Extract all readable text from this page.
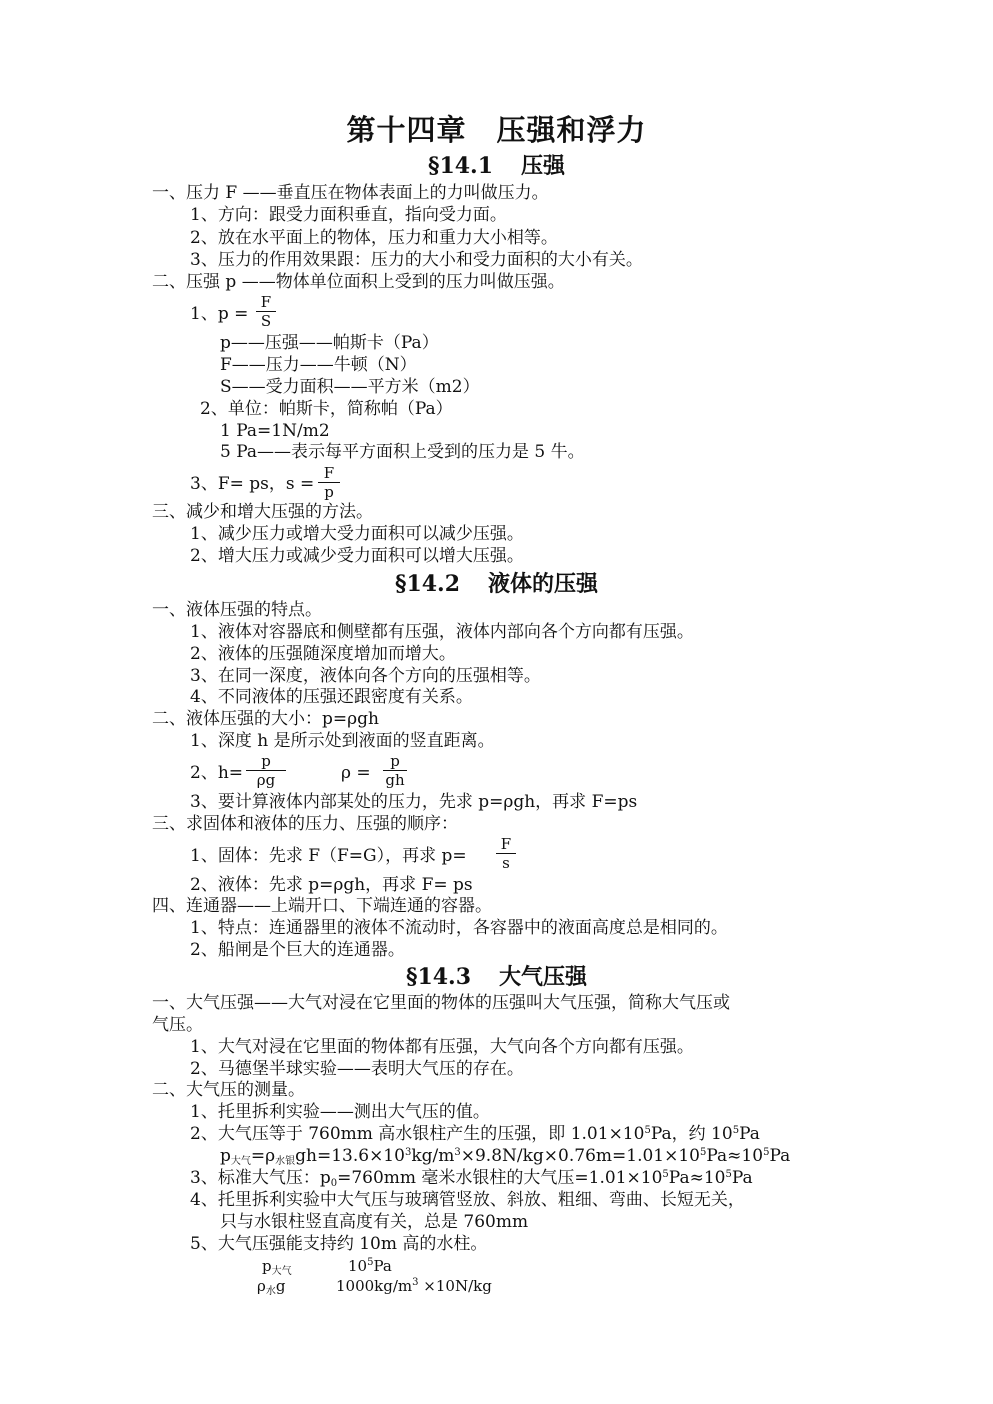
第十四章　压强和浮力
§14.1 压强
一、压力 F ——垂直压在物体表面上的力叫做压力。
1、方向：跟受力面积垂直，指向受力面。
2、放在水平面上的物体，压力和重力大小相等。
3、压力的作用效果跟：压力的大小和受力面积的大小有关。
二、压强 p ——物体单位面积上受到的压力叫做压强。
1、p =
F
S
p——压强——帕斯卡（Pa）
F——压力——牛顿（N）
S——受力面积——平方米（m2）
2、单位：帕斯卡，简称帕（Pa）
1 Pa=1N/m2
5 Pa——表示每平方面积上受到的压力是 5 牛。
3、F= ps，s =
F
p
三、减少和增大压强的方法。
1、减少压力或增大受力面积可以减少压强。
2、增大压力或减少受力面积可以增大压强。
§14.2 液体的压强
一、液体压强的特点。
1、液体对容器底和侧壁都有压强，液体内部向各个方向都有压强。
2、液体的压强随深度增加而增大。
3、在同一深度，液体向各个方向的压强相等。
4、不同液体的压强还跟密度有关系。
二、液体压强的大小：p=ρgh
1、深度 h 是所示处到液面的竖直距离。
2、h=
p
ρg	ρ =
p
gh
3、要计算液体内部某处的压力，先求 p=ρgh，再求 F=ps
三、求固体和液体的压力、压强的顺序：
1、固体：先求 F（F=G），再求 p=
F
s
2、液体：先求 p=ρgh，再求 F= ps
四、连通器——上端开口、下端连通的容器。
1、特点：连通器里的液体不流动时，各容器中的液面高度总是相同的。
2、船闸是个巨大的连通器。
§14.3 大气压强
一、大气压强——大气对浸在它里面的物体的压强叫大气压强，简称大气压或
气压。
1、大气对浸在它里面的物体都有压强，大气向各个方向都有压强。
2、马德堡半球实验——表明大气压的存在。
二、大气压的测量。
1、托里拆利实验——测出大气压的值。
2、大气压等于 760mm 高水银柱产生的压强，即 $1.01\times 10^5Pa$，约 $10^5Pa$
$p_{大气}=\rho_{水银}gh=13.6\times 10^3kg/m^3\times 9.8N/kg\times 0.76m=1.01\times 10^5Pa\approx 10^5Pa$
3、标准大气压：$p_0=760mm$ 毫米水银柱的大气压$=1.01\times 10^5Pa\approx 10^5Pa$
4、托里拆利实验中大气压与玻璃管竖放、斜放、粗细、弯曲、长短无关，
只与水银柱竖直高度有关，总是 760mm
5、大气压强能支持约 10m 高的水柱。
$p_{大气}$	$10^5Pa$
$\rho_水g$	$1000kg/m^3 \times 10N/kg$
